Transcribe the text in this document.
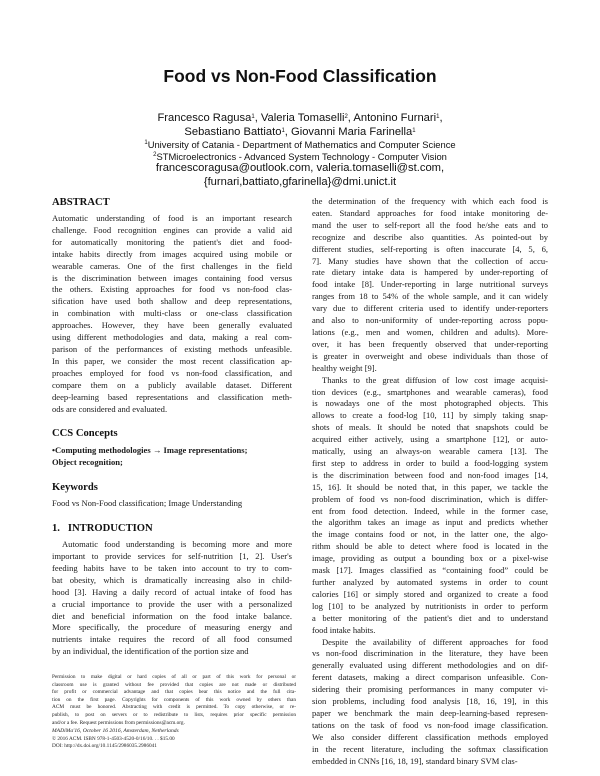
Food vs Non-Food Classification
Francesco Ragusa$^1$, Valeria Tomaselli$^2$, Antonino Furnari$^1$,
Sebastiano Battiato$^1$, Giovanni Maria Farinella$^1$
$^1$University of Catania - Department of Mathematics and Computer Science
$^2$STMicroelectronics - Advanced System Technology - Computer Vision
francescoragusa@outlook.com, valeria.tomaselli@st.com,
{furnari,battiato,gfarinella}@dmi.unict.it
ABSTRACT
Automatic understanding of food is an important research
challenge. Food recognition engines can provide a valid aid
for automatically monitoring the patient's diet and food-
intake habits directly from images acquired using mobile or
wearable cameras. One of the first challenges in the field
is the discrimination between images containing food versus
the others. Existing approaches for food vs non-food clas-
sification have used both shallow and deep representations,
in combination with multi-class or one-class classification
approaches. However, they have been generally evaluated
using different methodologies and data, making a real com-
parison of the performances of existing methods unfeasible.
In this paper, we consider the most recent classification ap-
proaches employed for food vs non-food classification, and
compare them on a publicly available dataset. Different
deep-learning based representations and classification meth-
ods are considered and evaluated.
CCS Concepts
•Computing methodologies → Image representations;
Object recognition;
Keywords
Food vs Non-Food classification; Image Understanding
1.   INTRODUCTION
Automatic food understanding is becoming more and more
important to provide services for self-nutrition [1, 2]. User's
feeding habits have to be taken into account to try to com-
bat obesity, which is dramatically increasing also in child-
hood [3]. Having a daily record of actual intake of food has
a crucial importance to provide the user with a personalized
diet and beneficial information on the food intake balance.
More specifically, the procedure of measuring energy and
nutrients intake requires the record of all food consumed
by an individual, the identification of the portion size and
Permission to make digital or hard copies of all or part of this work for personal or
classroom use is granted without fee provided that copies are not made or distributed
for profit or commercial advantage and that copies bear this notice and the full cita-
tion on the first page. Copyrights for components of this work owned by others than
ACM must be honored. Abstracting with credit is permitted. To copy otherwise, or re-
publish, to post on servers or to redistribute to lists, requires prior specific permission
and/or a fee. Request permissions from permissions@acm.org.
MADiMa'16, October 16 2016, Amsterdam, Netherlands
© 2016 ACM. ISBN 978-1-4503-4520-0/16/10. . . $15.00
DOI: http://dx.doi.org/10.1145/2986035.2986041
the determination of the frequency with which each food is
eaten. Standard approaches for food intake monitoring de-
mand the user to self-report all the food he/she eats and to
recognize and describe also quantities. As pointed-out by
different studies, self-reporting is often inaccurate [4, 5, 6,
7]. Many studies have shown that the collection of accu-
rate dietary intake data is hampered by under-reporting of
food intake [8]. Under-reporting in large nutritional surveys
ranges from 18 to 54% of the whole sample, and it can widely
vary due to different criteria used to identify under-reporters
and also to non-uniformity of under-reporting across popu-
lations (e.g., men and women, children and adults). More-
over, it has been frequently observed that under-reporting
is greater in overweight and obese individuals than those of
healthy weight [9].
Thanks to the great diffusion of low cost image acquisi-
tion devices (e.g., smartphones and wearable cameras), food
is nowadays one of the most photographed objects. This
allows to create a food-log [10, 11] by simply taking snap-
shots of meals. It should be noted that snapshots could be
acquired either actively, using a smartphone [12], or auto-
matically, using an always-on wearable camera [13]. The
first step to address in order to build a food-logging system
is the discrimination between food and non-food images [14,
15, 16]. It should be noted that, in this paper, we tackle the
problem of food vs non-food discrimination, which is differ-
ent from food detection. Indeed, while in the former case,
the algorithm takes an image as input and predicts whether
the image contains food or not, in the latter one, the algo-
rithm should be able to detect where food is located in the
image, providing as output a bounding box or a pixel-wise
mask [17]. Images classified as “containing food” could be
further analyzed by automated systems in order to count
calories [16] or simply stored and organized to create a food
log [10] to be analyzed by nutritionists in order to perform
a better monitoring of the patient's diet and to understand
food intake habits.
Despite the availability of different approaches for food
vs non-food discrimination in the literature, they have been
generally evaluated using different methodologies and on dif-
ferent datasets, making a direct comparison unfeasible. Con-
sidering their promising performances in many computer vi-
sion problems, including food analysis [18, 16, 19], in this
paper we benchmark the main deep-learning-based represen-
tations on the task of food vs non-food image classification.
We also consider different classification methods employed
in the recent literature, including the softmax classification
embedded in CNNs [16, 18, 19], standard binary SVM clas-
